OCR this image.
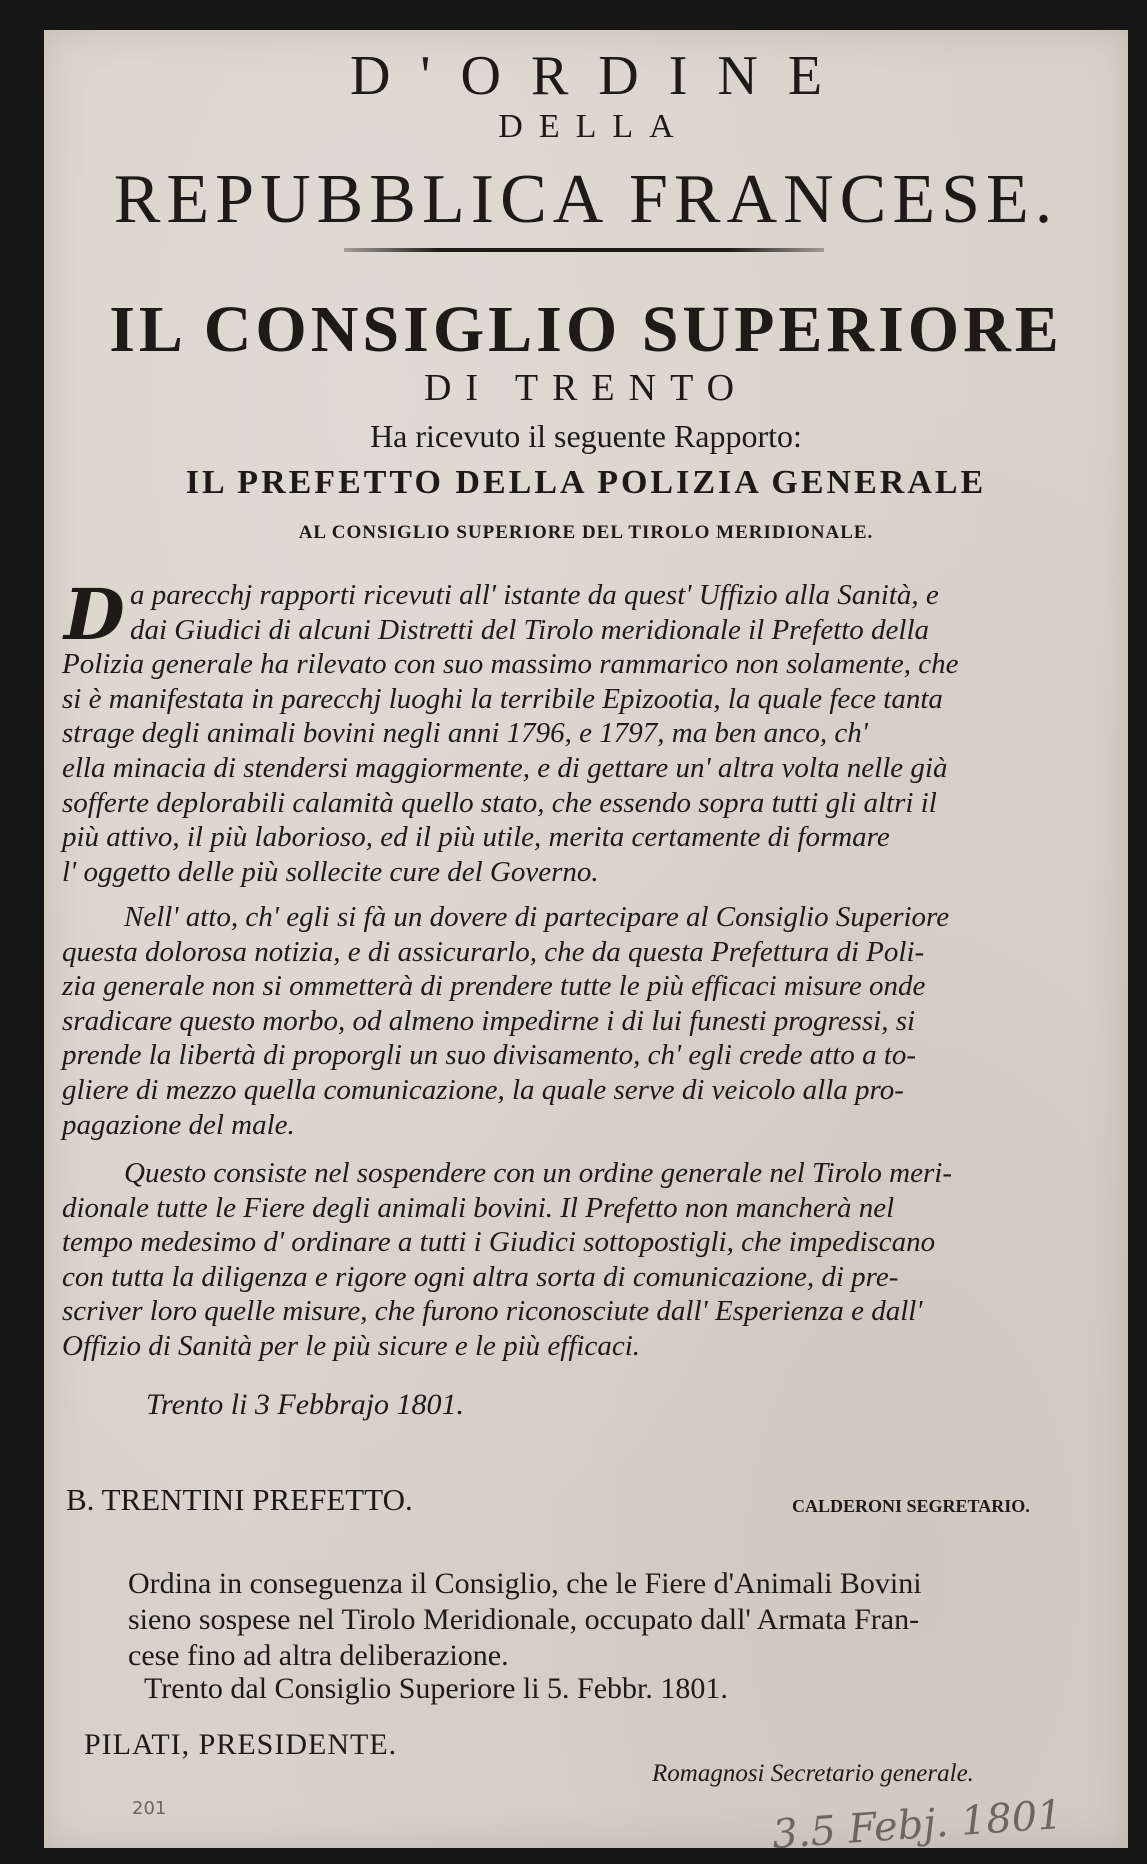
D'ORDINE
DELLA
REPUBBLICA FRANCESE.
IL CONSIGLIO SUPERIORE
DI TRENTO
Ha ricevuto il seguente Rapporto:
IL PREFETTO DELLA POLIZIA GENERALE
AL CONSIGLIO SUPERIORE DEL TIROLO MERIDIONALE.
D a parecchj rapporti ricevuti all' istante da quest' Uffizio alla Sanità, e
dai Giudici di alcuni Distretti del Tirolo meridionale il Prefetto della
Polizia generale ha rilevato con suo massimo rammarico non solamente, che
si è manifestata in parecchj luoghi la terribile Epizootia, la quale fece tanta
strage degli animali bovini negli anni 1796, e 1797, ma ben anco, ch'
ella minacia di stendersi maggiormente, e di gettare un' altra volta nelle già
sofferte deplorabili calamità quello stato, che essendo sopra tutti gli altri il
più attivo, il più laborioso, ed il più utile, merita certamente di formare
l' oggetto delle più sollecite cure del Governo.
Nell' atto, ch' egli si fà un dovere di partecipare al Consiglio Superiore
questa dolorosa notizia, e di assicurarlo, che da questa Prefettura di Poli-
zia generale non si ommetterà di prendere tutte le più efficaci misure onde
sradicare questo morbo, od almeno impedirne i di lui funesti progressi, si
prende la libertà di proporgli un suo divisamento, ch' egli crede atto a to-
gliere di mezzo quella comunicazione, la quale serve di veicolo alla pro-
pagazione del male.
Questo consiste nel sospendere con un ordine generale nel Tirolo meri-
dionale tutte le Fiere degli animali bovini. Il Prefetto non mancherà nel
tempo medesimo d' ordinare a tutti i Giudici sottopostigli, che impediscano
con tutta la diligenza e rigore ogni altra sorta di comunicazione, di pre-
scriver loro quelle misure, che furono riconosciute dall' Esperienza e dall'
Offizio di Sanità per le più sicure e le più efficaci.
Trento li 3 Febbrajo 1801.
B. TRENTINI PREFETTO.	CALDERONI SEGRETARIO.
Ordina in conseguenza il Consiglio, che le Fiere d'Animali Bovini
sieno sospese nel Tirolo Meridionale, occupato dall' Armata Fran-
cese fino ad altra deliberazione.
Trento dal Consiglio Superiore li 5. Febbr. 1801.
PILATI, PRESIDENTE.
Romagnosi Secretario generale.
201	3.5 Febj. 1801
